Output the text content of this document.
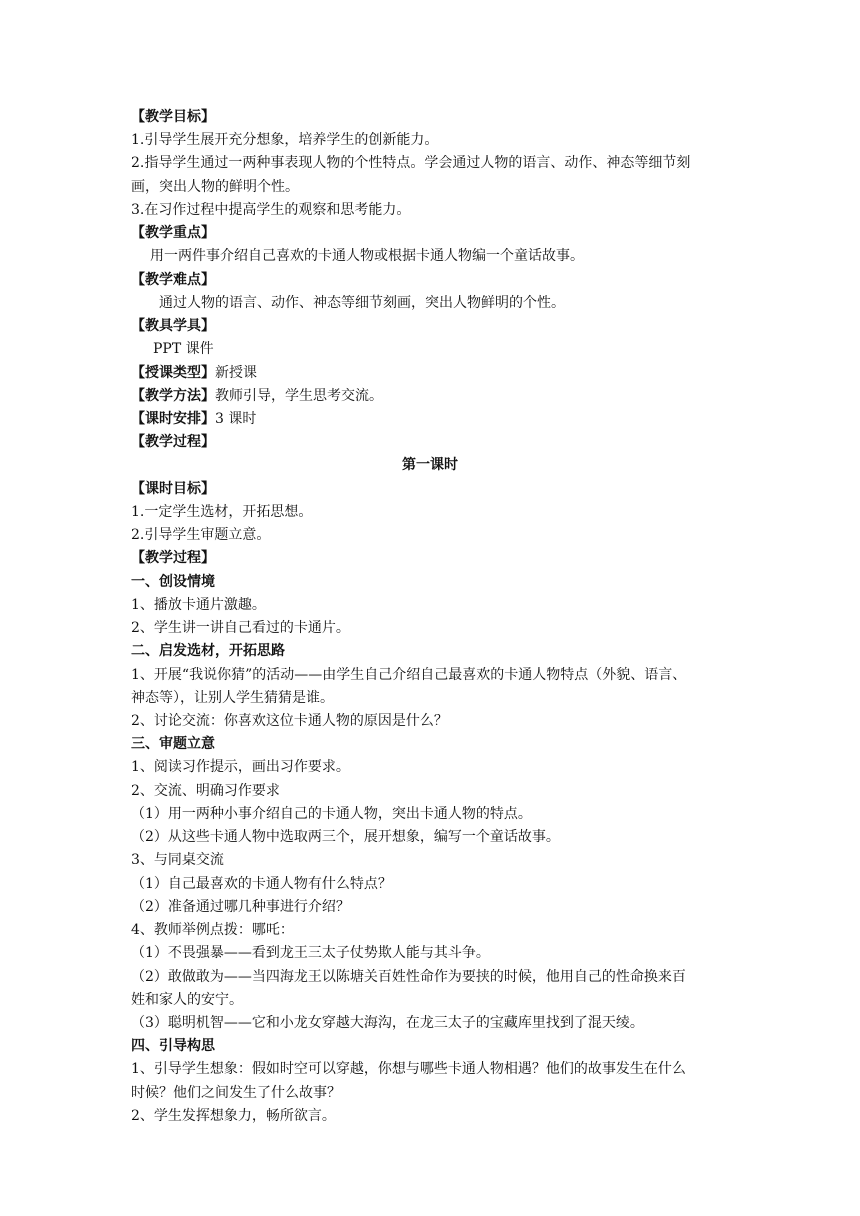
【教学目标】
1.引导学生展开充分想象，培养学生的创新能力。
2.指导学生通过一两种事表现人物的个性特点。学会通过人物的语言、动作、神态等细节刻
画，突出人物的鲜明个性。
3.在习作过程中提高学生的观察和思考能力。
【教学重点】
用一两件事介绍自己喜欢的卡通人物或根据卡通人物编一个童话故事。
【教学难点】
通过人物的语言、动作、神态等细节刻画，突出人物鲜明的个性。
【教具学具】
PPT 课件
【授课类型】新授课
【教学方法】教师引导，学生思考交流。
【课时安排】3 课时
【教学过程】
第一课时
【课时目标】
1.一定学生选材，开拓思想。
2.引导学生审题立意。
【教学过程】
一、创设情境
1、播放卡通片激趣。
2、学生讲一讲自己看过的卡通片。
二、启发选材，开拓思路
1、开展“我说你猜”的活动——由学生自己介绍自己最喜欢的卡通人物特点（外貌、语言、
神态等），让别人学生猜猜是谁。
2、讨论交流：你喜欢这位卡通人物的原因是什么？
三、审题立意
1、阅读习作提示，画出习作要求。
2、交流、明确习作要求
（1）用一两种小事介绍自己的卡通人物，突出卡通人物的特点。
（2）从这些卡通人物中选取两三个，展开想象，编写一个童话故事。
3、与同桌交流
（1）自己最喜欢的卡通人物有什么特点？
（2）准备通过哪几种事进行介绍？
4、教师举例点拨：哪吒：
（1）不畏强暴——看到龙王三太子仗势欺人能与其斗争。
（2）敢做敢为——当四海龙王以陈塘关百姓性命作为要挟的时候，他用自己的性命换来百
姓和家人的安宁。
（3）聪明机智——它和小龙女穿越大海沟，在龙三太子的宝藏库里找到了混天绫。
四、引导构思
1、引导学生想象：假如时空可以穿越，你想与哪些卡通人物相遇？他们的故事发生在什么
时候？他们之间发生了什么故事？
2、学生发挥想象力，畅所欲言。
